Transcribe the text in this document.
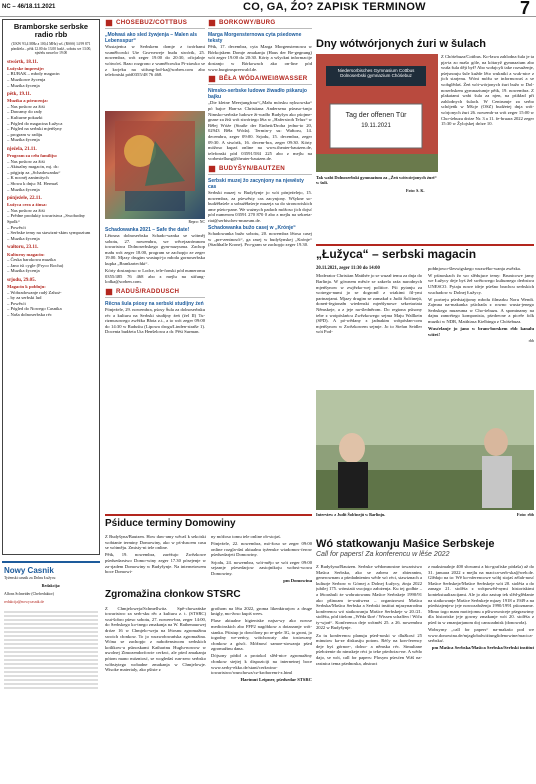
NC – 46/18.11.2021	CO, GA, ŹO? ZAPISK TERMINOW	7
Bramborske serbske radio rbb
(UKW 93,4 MHz a 100,4 MHz) wš. (RSSS) 14 99 871
póndźela – pětk 12.00 do 13.00 hodź., sobotu we 13.00, njeźelu nawečor 19.00
stwórtk, 18.11.
Łužyske impresije:
– BUBAK – młody magacin
– Muzikowe žycenja
– Muzika žycenja
pětk, 19.11.
Muzika a pórucenja:
– Nas pośtow za žiśi
– Dawamy do rady
– Kulturne pokazki
– Pógled do magacina Łužyca
– Pógled na serbski mjeńšyny
– program w radiju
– Muzika žycenja
njeźela, 21.11.
Program za cełu familiju:
– Nas pośtow za žiśi
– Aktualny magacin, mj. dr.:
– pógjzip za „Schadowanku“
– K nocnéj zanimitych
– Słowa k dnju: M. Hermaš
– Muzika žycenja
pónjeźele, 22.11.
Łužyca cera a źinsa:
– Nas pośtow za žiśi
– Prědne produkty towaristwa „Swobodny Spolk“
– Powěsći
– Serbske temy na stawizni-skim sympozium
– Muzika žycenja
wałtoru, 23.11.
Kulturny magacin:
– Česka barokowa muzika
– Jano tśi cygle (Fryco Rocha)
– Muzika žycenja
srjodu, 29.05.
Magacin k połdnju:
– Wobradowanje radý Zahoż-
– by za serbski lud
– Powěsći
– Pógled do Nowego Casnika
– Naša dolnoserbska réc
Nowy Casnik
Tyźenski casnik za Dolnu Łužycu
Redakcija:
Alfons Schneider (Chefredaktor)
redakcija@nowycasnik.de
CHÓŠEBUZ/COTTBUS
„Mołwaś ako sled žywjenja – Malen als Lebensspur“

Wustajeńca w Serbskem domje z twórbami wuměłcowki Ute Gru-neweje budu stwórtk, 25. nowembra, wót zeger 19.00 do 20:30, oficjalnje wótwórś. Bazo rozgrono z wuměłcowku Pi-ziawko se z kwjeku na stifung-lod-ka@sorben.com abo telefoniski pód0355/48 76 468.

Repro: NC
Schadowanka 2021 – Safe the date!

Lětosna dolnoserbska Schado-wanka se wótměj sobotu, 27. nowembra, we wěcejzarómnom towaristwa Dolnoserbskego gym-nazyuma. Zachop mału wót zeger 18.00, program se zachopjo ze zeger 19.00. Mjazy drugim wustupi-jo młoda gornoserbska kupka „Brankartechki“.

Kórty dostanjoso w Lodce, tele-fonski pód numeromu 0355/485 76 468 abo z mejlu na stifung-lodka@sorben.com.

RADUŠ/RADDUSCH
Rěcna šula pśosy na serbski studijny źeń

Pónjeźele, 29. nowembra, pśosy Šula za dolnoserbsku réc a kulturu na Serbski studijny źeń (źel II) Tu-rizmusowego zwěźka Błota z.t., a to wót zeger 09:00 do 14:30 w Raduśiu (Lipowa droga/Linden-straße 1). Docenta budźeta Uta Henšelowa a dr. Pěśi Surman.

BÓRKOWY/BURG
Marga Morgensternowa cyta pśedowne teksty

Pětk, 17. decembra, cyta Marga Morgensternowa w Bórkojskem Domje zmakanja (Haus der Be-gegnung) wót zeger 19.00 do 20:30. Kórty a wšyckni informacije dostanjo w Bórkowach ako on-line pód www.burgimspreewald.de.

BĚŁA WÓDA/WEIẞWASSER
Nimsko-serbske ludowe žiwadło pśkarujo bajku

„Die kleine Meerjungfrau“/„Mału mórsku nyksowska“ pó bajce Han-sa Christiana Andersena pśeaso-ṡrnjo Nimsko-serbske ludowe ži-wadło Budyšyn ako pśojme-gnase za žiśi wót stwórtego lěta w „Haferstroh Telux“ w Běłej Wóźe (Straße der Einheit/Droha jedno-to 20, 02943 Běła Wóda). Termin-y su: Wałtoru, 14. decembra, zeger 09:00. Srjodu, 15. decembra, zeger 09:30. A stwórtk, 16. decem-bra, zeger 09:30. Kórty móžoso kupaś online na www.theater-bautzen.de, telefonski pód 03591/584 225 abo z mejlu na vorbestellung@theater-bautzen.de.

BUDYŠYN/BAUTZEN
Serbski muzej žo zacynjony na njewěsty cas

Serbski muzej w Budyšynje jo wót pónjeźelejo, 15. nowembra, za pśewěsty cas zacynjony. Wšykne so-budźěłaśele a sobuźěłaśerje muzeja su do stronowiskich ame pśeto-pane. We ważnych padach móžoso jich dojsć pód numerom 03591 270 870 0 abo z mejlu na sekreta-riat@serbisches-museum.de.

Schadowanka bužo casej w „Krónje“

Schadowanka bužo sobotu, 20. nowembra lětosa casej w „pre-zentnosći“, ga rasej w budyšynskej „Krónje“ (Stadthalle Krone). Pro-gram se zachopjo zeger 19.30.

Dny wótwórjonych źuri w šulach
Niedersorbisches Gymnasium Cottbus
Dolnoserbski gymnazium Chóśebuz
Tag der offenen Tür
19.11.2021
Tak wabi Dolnoserbski gymnazium za „Źeń wótwórjonych źuri“ w šuli.
Foto: S. K.

Z Chóśebuza/Cottbus. Ko-ława zahlodna šula je ta pja-ta zo mašo góle, na kótaryž gymnazium abo wuša šula ději był? Abo wołajcyli take rozsuženje, pśejsnouju šule kužde lěto wuknikí a wuk-nice z jich starjenu. Wóni móžu se informowaś a se wobglědaś. Źeń wót-wórjonych źuri bužo w Dol-noserbskem gymnaziumje pětk, 19. nowembra. Z plakatami wabi šula za njen, na pśikład při zahlodnych šulach. W Centrumje za serbo schójeńk w Mšcje (OSZ) budźetej dnja wót-wórjonych źuri 26. nowemb-ra wót zeger 15:00 w Cho-śebuzu dróze Nr. 3 a 11. fe-bruara 2022 zeger 15:30 w Žylojskej dróze 10.

„Łužyca“ – serbski magacin
20.11.2021, zeger 11:30 do 14:00

Moderator Christian Matthée jo se wuzał temu za dnja do Barlinja. W gównem měsće se zakrela raźa narodnych mjeńšynow w zwjězko-wej politice. Pśi pytanju za wotrego-numi jo se dogronił z wiakimi fil-ymi partnarjami. Mjazy drugim se zamakał z Judit Šolćinejú, doneń-fegionałn wiedenski mjeńšynowe sekretariata Němskeje, a z jeje na-śledněrom. Do regiona pśisony tebe z wotpóslańcu Zwězkowego sejma Maju Wallkein (SPD). A pó-wědany z jadnakim wótpósłan-com mjeńšynow w Zwězkowem sejmje. Jo to Stefan Seidler wót Pod-

połdnjowo-šleswigskego wuzwěko-wanja zwězka.

W pśinoskach žo wo slědujuce temy: Brunicowe jamy we Łužycy deje byś žeł swětowego kulturnego derbstwa UNESCO. Pytaju nowe ideje pśešno brachcu serbskich wuchadow w Dolnej Łužycy.

W portreju pśedstajijomy młodu filmarku Noru Wendt. Zajmna na-makanka pśichada z rowno wusta-jenego Serbskego muzeuma w Cho-śebuzu. A spominamy na dajnu zamrétego komponista, pśedrecne a piceře folk muziki w NDR, Matthiasa Kielbinga z Chóśebuza.

Wusćelanje jo jano w bram-borskem rbb kanalu wiźeś!

rbb
Interview z Judit Šolćinejú w Barlinju.	Foto: rbb
Pśiduce terminy Domowiny

Z Budyšyna/Bautzen. How daw-amy wěcaš k sekciski wobtanie terminy Domowiny, ako w pś-duscem casu se wótměju. Zmisty-ni tele online.

Pětk, 19. nowembra, zaréźujo Zwězkowe pśedsedarstwo Domo-winy zeger 17.30 pósejenje w za-rjadem Domowiny w Budyšynje. Na internetowem boce Domowi-

ny móžoso tomu tele online ob-stojaś.

Pónjeźele, 22. nowembra, mó-žoso se zeger 09:00 online rozgla-daś aktualnu tyźenske wiadomos-ćerow pśedsedarjeti Domowiny.

Srjodu, 24. nowembra, wót-mějo se wót zeger 09:00 sejzanje pśesedarjow zastojnikoju wobrst-wowa Domowiny.

pm Domowina
Zgromažina cłonkow STSRC

Z Chmjeloweja/Schmellwitz. Spě-chowańske towaristwo za serb-sku rěc a kulturu z. t. (STSRC) wut-šobro pśeso sobotu, 27. nowem-bra, zeger 14:00, do Serbskego ko-tnego zmakanja na W. Rathenauowej dróze 16 w Chmjelo-weju na lětosnu zgromažinu swoich cłonkow. To jo wuzwołowańska zgromažina. Wóna se zachopjo z naboženstwom serbskich kotlikow-a pśinoskami Katharinu Huglu-nowow w uwolnej Zimozendorfowie cerkwi, ale pśed zmakanja pótom mano mózniosć, se wogledaś run-zero serbsko wóbstytego wobadne zmakanja w Chmjelowje. Wisoke materialy, ako pšiste z

grothom na lěta 2022, groma likenktrarjow a druge knigly, mo-žoso kupiś wees.

Plase aktualne higieniske najsa-wy ako nowse medicinskich abo FFP2 nagóbkow a dotarzanje wót-stanka. Pśistup jo dowólony po re-gele 3G, to groni, jo togodny we-zeńcy, wótchowaty abo tostowany cłonkow a gósći. Móžnosć samoe-stowanja pśed zgromažinu dana.

Dójsony pódid a protokol slěd-nice zgromažiny cłonkow stejtej k dispoziciji na internetnej boce www.serby-ekko.de/stani/cerkwino-towaristwo/wunchowa/cz-kroborenri-x.html

Hartmut Leipner, pśedsedar STSRC
Wó statkowanju Maśice Serbskeje
Call for papers! Za konferencu w lěśe 2022

Z Budyšyna/Bautzen. Serbske wědomnostne towaristwo Maśica Serbska, ako se zabera ze zbieranim, generownam a pśedadnienim wěde wó réci, stawiznach a kulturje Serbow w Górnej a Dolnej Łužycy, źinja 2022 jubilej 175. wónstatá swojogo założenja. Ku tej godbie – a lětoashuli że wobratowanu Maśice Serbskeje 1990/91 ako pšinoam te-watiwera – organizowni Maśica Serbska/Maśica Serbska a Serbski institut mjazynarodnu konferencu wó statkowanju Maśice Serbskeje w 20./21. stolěśu, pód titelom „Wěda škré / Wissen schaffen / Wiču ty-wjoń“. Konferenca deje wótměś 25. a 26. nowembra 2022 w Budyšynje.

Za tu konferencu planuju pśed-noski w dlužkosć 25 minutow ka-ze diskusiju potom. Réčy na kon-ferency deje byś górnoe-, dolno- a němska réc. Simultane pśełożenie do nimskeje réci jo teke pśedwizo-ne. A wědo dajo, se wót, call for papers: Plosym pśesćen Wáš na-rastnica tema pśednoska, abstract

z maksimalnje 400 słowami a bio-grafiske pódaša) až do 31. januara 2022 z mejlu na macica-serb-ska@web.de. Glědajo na to: Wě ko-nferencowe wóbj stojaś zélah-nosć Maśice Serbskeje/Maśice Serbskeje wót 20. stolěśa a do zanago 21. stolěśa z wótpowěd-nymi historiskimi kontekstualizacijami. Ale jo ako zastup tek slěd-glědanie na statkowanje Maśice Serbskeje mjazy 1918 a 1949 a na pśedstajenjew jeje nowozałoženja 1990/1991 pśiozname. Mimo togo mam motivjomu a pšiwowniceje pśegrawimy dla historiske jeje gowny zmakanje wót 20. stolěśa z pśed tu w zmanjarjanom doj cansoadnisk (donowoła).

Wobsyrny „call for papers“ na-makaśo pod we www.donowina.de/mjaglobalwiźiunglidenowine/macica-serbska/.

pm Maśica Serbska/Maśica Serbska/Serbski institut
